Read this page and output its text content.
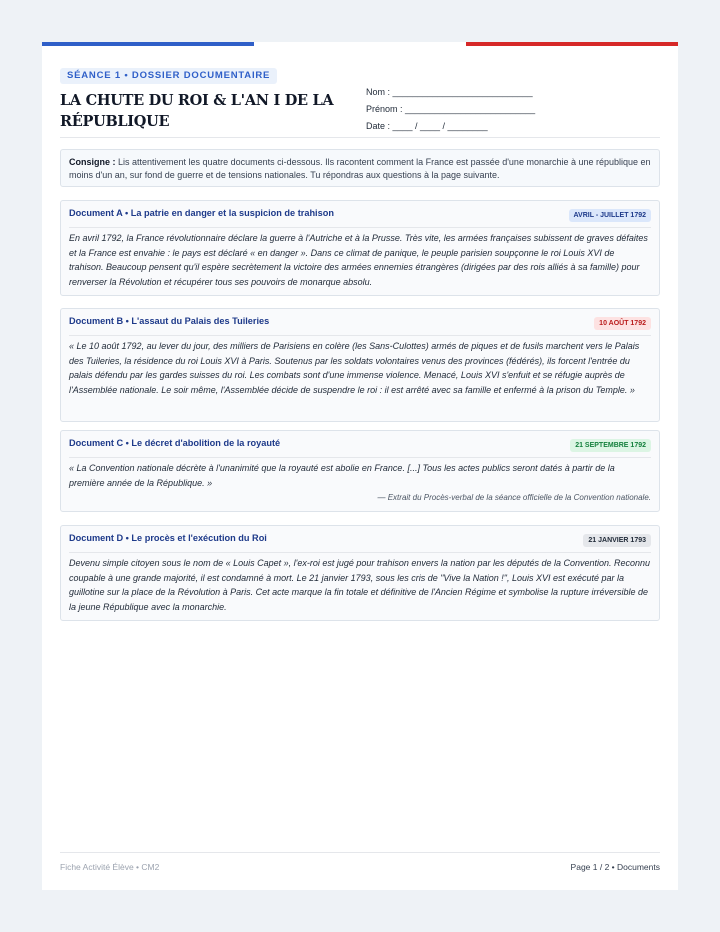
SÉANCE 1 • DOSSIER DOCUMENTAIRE
LA CHUTE DU ROI & L'AN I DE LA RÉPUBLIQUE
Nom : ____________________________
Prénom : __________________________
Date : ____ / ____ / ________
Consigne : Lis attentivement les quatre documents ci-dessous. Ils racontent comment la France est passée d'une monarchie à une république en moins d'un an, sur fond de guerre et de tensions nationales. Tu répondras aux questions à la page suivante.
Document A • La patrie en danger et la suspicion de trahison	AVRIL - JUILLET 1792

En avril 1792, la France révolutionnaire déclare la guerre à l'Autriche et à la Prusse. Très vite, les armées françaises subissent de graves défaites et la France est envahie : le pays est déclaré « en danger ». Dans ce climat de panique, le peuple parisien soupçonne le roi Louis XVI de trahison. Beaucoup pensent qu'il espère secrètement la victoire des armées ennemies étrangères (dirigées par des rois alliés à sa famille) pour renverser la Révolution et récupérer tous ses pouvoirs de monarque absolu.

Document B • L'assaut du Palais des Tuileries	10 AOÛT 1792

« Le 10 août 1792, au lever du jour, des milliers de Parisiens en colère (les Sans-Culottes) armés de piques et de fusils marchent vers le Palais des Tuileries, la résidence du roi Louis XVI à Paris. Soutenus par les soldats volontaires venus des provinces (fédérés), ils forcent l'entrée du palais défendu par les gardes suisses du roi. Les combats sont d'une immense violence. Menacé, Louis XVI s'enfuit et se réfugie auprès de l'Assemblée nationale. Le soir même, l'Assemblée décide de suspendre le roi : il est arrêté avec sa famille et enfermé à la prison du Temple. »

Document C • Le décret d'abolition de la royauté	21 SEPTEMBRE 1792

« La Convention nationale décrète à l'unanimité que la royauté est abolie en France. [...] Tous les actes publics seront datés à partir de la première année de la République. »

— Extrait du Procès-verbal de la séance officielle de la Convention nationale.

Document D • Le procès et l'exécution du Roi	21 JANVIER 1793

Devenu simple citoyen sous le nom de « Louis Capet », l'ex-roi est jugé pour trahison envers la nation par les députés de la Convention. Reconnu coupable à une grande majorité, il est condamné à mort. Le 21 janvier 1793, sous les cris de "Vive la Nation !", Louis XVI est exécuté par la guillotine sur la place de la Révolution à Paris. Cet acte marque la fin totale et définitive de l'Ancien Régime et symbolise la rupture irréversible de la jeune République avec la monarchie.

Fiche Activité Élève • CM2	Page 1 / 2 • Documents
